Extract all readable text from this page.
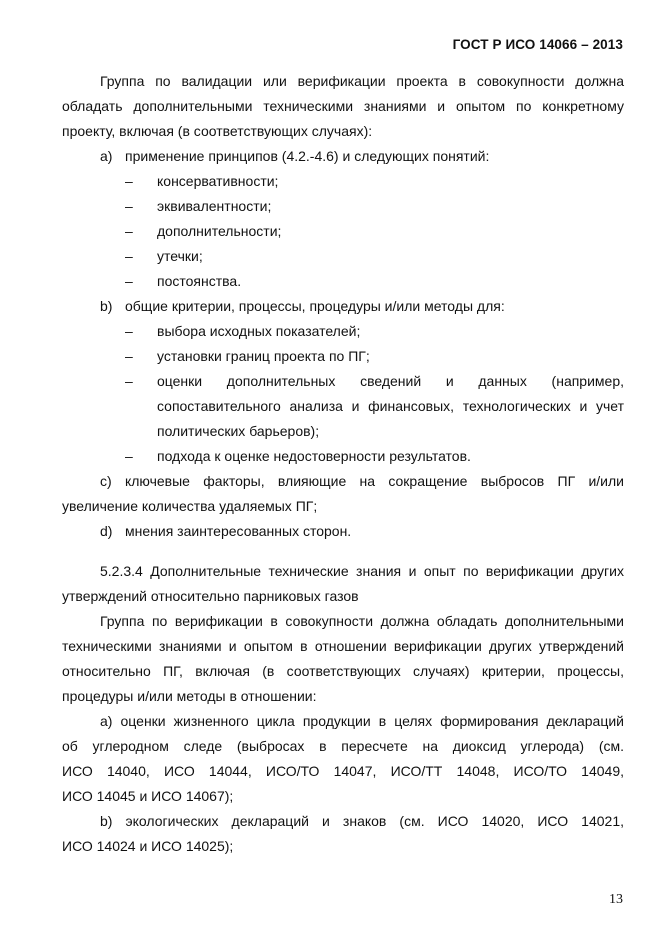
ГОСТ Р ИСО 14066 – 2013
Группа по валидации или верификации проекта в совокупности должна
обладать дополнительными техническими знаниями и опытом по конкретному
проекту, включая (в соответствующих случаях):
a) применение принципов (4.2.-4.6) и следующих понятий:
– консервативности;
– эквивалентности;
– дополнительности;
– утечки;
– постоянства.
b) общие критерии, процессы, процедуры и/или методы для:
– выбора исходных показателей;
– установки границ проекта по ПГ;
– оценки дополнительных сведений и данных (например,
сопоставительного анализа и финансовых, технологических и учет
политических барьеров);
– подхода к оценке недостоверности результатов.
c) ключевые факторы, влияющие на сокращение выбросов ПГ и/или
увеличение количества удаляемых ПГ;
d) мнения заинтересованных сторон.
5.2.3.4 Дополнительные технические знания и опыт по верификации других
утверждений относительно парниковых газов
Группа по верификации в совокупности должна обладать дополнительными
техническими знаниями и опытом в отношении верификации других утверждений
относительно ПГ, включая (в соответствующих случаях) критерии, процессы,
процедуры и/или методы в отношении:
a) оценки жизненного цикла продукции в целях формирования деклараций
об углеродном следе (выбросах в пересчете на диоксид углерода) (см.
ИСО 14040, ИСО 14044, ИСО/ТО 14047, ИСО/ТТ 14048, ИСО/ТО 14049,
ИСО 14045 и ИСО 14067);
b) экологических деклараций и знаков (см. ИСО 14020, ИСО 14021,
ИСО 14024 и ИСО 14025);
13
